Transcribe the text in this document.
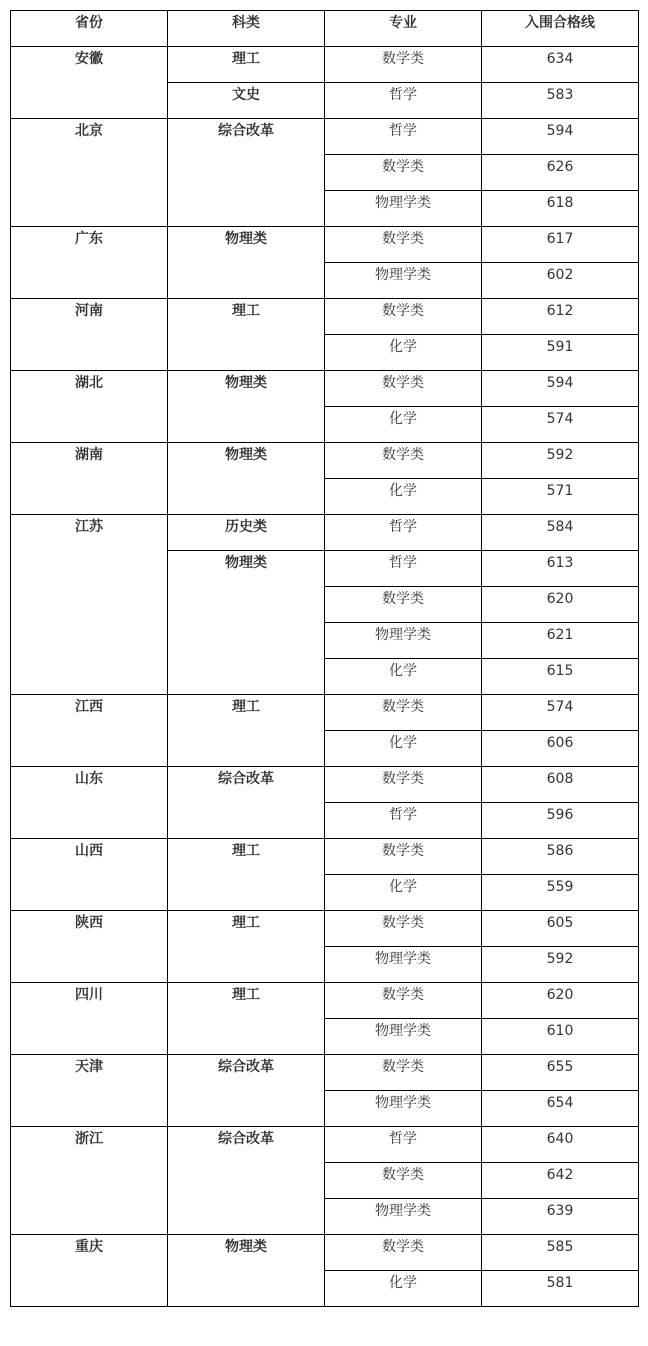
省份	科类	专业	入围合格线
安徽	理工	数学类	634
	文史	哲学	583
北京	综合改革	哲学	594
		数学类	626
		物理学类	618
广东	物理类	数学类	617
		物理学类	602
河南	理工	数学类	612
		化学	591
湖北	物理类	数学类	594
		化学	574
湖南	物理类	数学类	592
		化学	571
江苏	历史类	哲学	584
	物理类	哲学	613
		数学类	620
		物理学类	621
		化学	615
江西	理工	数学类	574
		化学	606
山东	综合改革	数学类	608
		哲学	596
山西	理工	数学类	586
		化学	559
陕西	理工	数学类	605
		物理学类	592
四川	理工	数学类	620
		物理学类	610
天津	综合改革	数学类	655
		物理学类	654
浙江	综合改革	哲学	640
		数学类	642
		物理学类	639
重庆	物理类	数学类	585
		化学	581
